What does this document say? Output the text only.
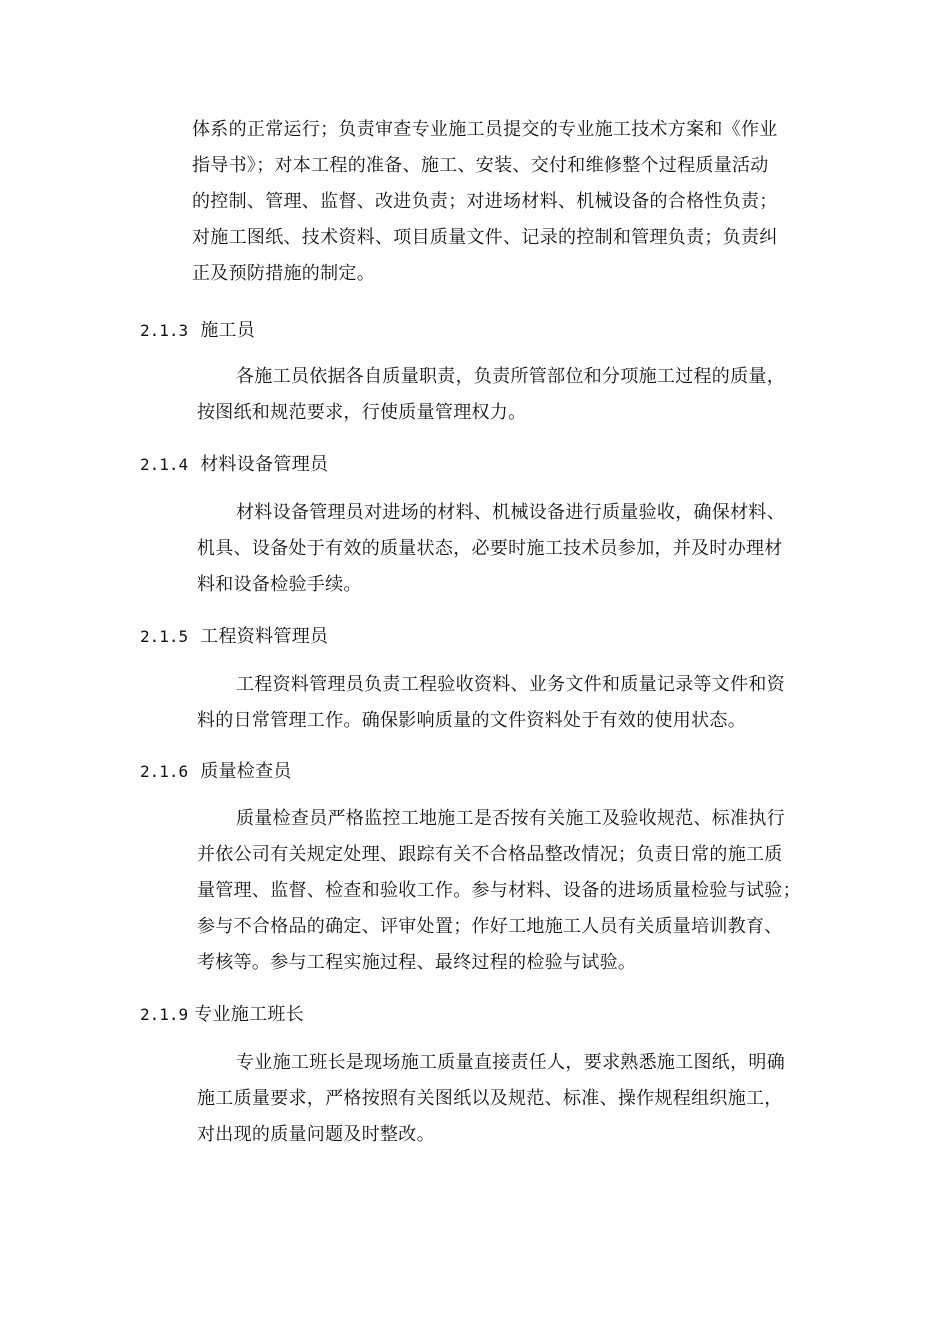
体系的正常运行；负责审查专业施工员提交的专业施工技术方案和《作业
指导书》；对本工程的准备、施工、安装、交付和维修整个过程质量活动
的控制、管理、监督、改进负责；对进场材料、机械设备的合格性负责；
对施工图纸、技术资料、项目质量文件、记录的控制和管理负责；负责纠
正及预防措施的制定。
2.1.3 施工员
各施工员依据各自质量职责，负责所管部位和分项施工过程的质量，
按图纸和规范要求，行使质量管理权力。
2.1.4 材料设备管理员
材料设备管理员对进场的材料、机械设备进行质量验收，确保材料、
机具、设备处于有效的质量状态，必要时施工技术员参加，并及时办理材
料和设备检验手续。
2.1.5 工程资料管理员
工程资料管理员负责工程验收资料、业务文件和质量记录等文件和资
料的日常管理工作。确保影响质量的文件资料处于有效的使用状态。
2.1.6 质量检查员
质量检查员严格监控工地施工是否按有关施工及验收规范、标准执行
并依公司有关规定处理、跟踪有关不合格品整改情况；负责日常的施工质
量管理、监督、检查和验收工作。参与材料、设备的进场质量检验与试验；
参与不合格品的确定、评审处置；作好工地施工人员有关质量培训教育、
考核等。参与工程实施过程、最终过程的检验与试验。
2.1.9 专业施工班长
专业施工班长是现场施工质量直接责任人，要求熟悉施工图纸，明确
施工质量要求，严格按照有关图纸以及规范、标准、操作规程组织施工，
对出现的质量问题及时整改。
